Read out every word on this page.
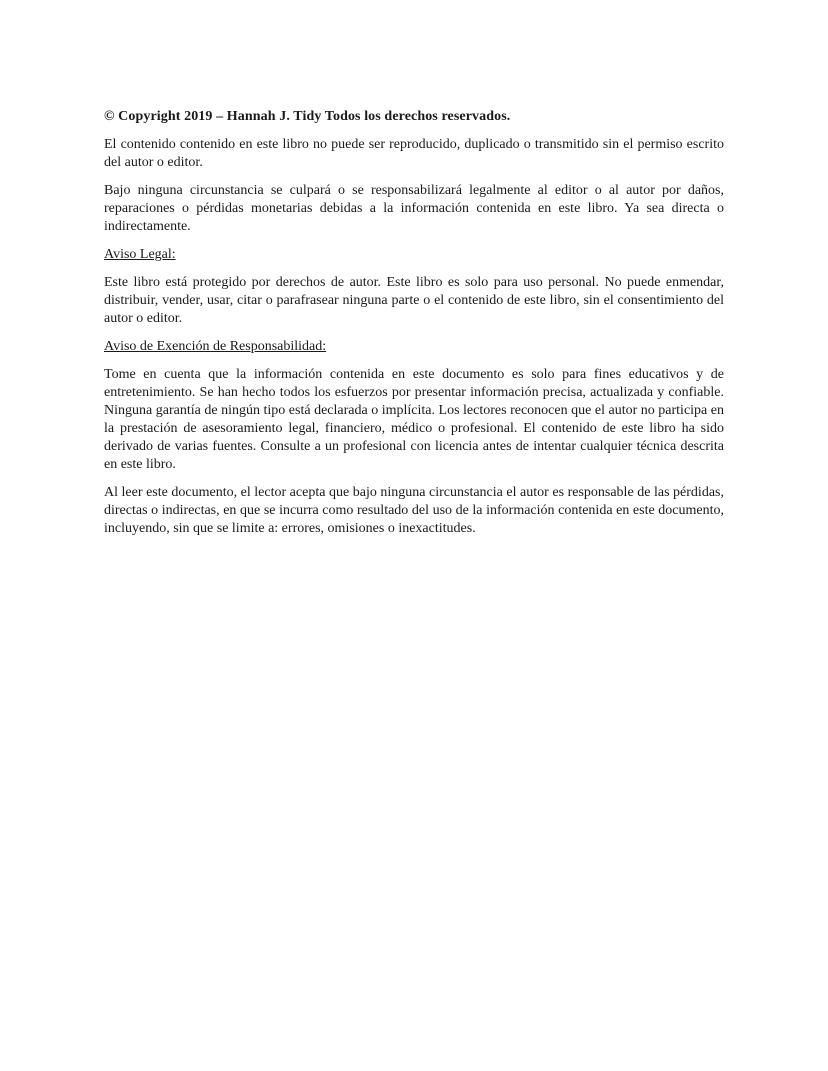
© Copyright 2019 – Hannah J. Tidy Todos los derechos reservados.

El contenido contenido en este libro no puede ser reproducido, duplicado o transmitido sin el permiso escrito del autor o editor.

Bajo ninguna circunstancia se culpará o se responsabilizará legalmente al editor o al autor por daños, reparaciones o pérdidas monetarias debidas a la información contenida en este libro. Ya sea directa o indirectamente.

Aviso Legal:

Este libro está protegido por derechos de autor. Este libro es solo para uso personal. No puede enmendar, distribuir, vender, usar, citar o parafrasear ninguna parte o el contenido de este libro, sin el consentimiento del autor o editor.

Aviso de Exención de Responsabilidad:

Tome en cuenta que la información contenida en este documento es solo para fines educativos y de entretenimiento. Se han hecho todos los esfuerzos por presentar información precisa, actualizada y confiable. Ninguna garantía de ningún tipo está declarada o implícita. Los lectores reconocen que el autor no participa en la prestación de asesoramiento legal, financiero, médico o profesional. El contenido de este libro ha sido derivado de varias fuentes. Consulte a un profesional con licencia antes de intentar cualquier técnica descrita en este libro.

Al leer este documento, el lector acepta que bajo ninguna circunstancia el autor es responsable de las pérdidas, directas o indirectas, en que se incurra como resultado del uso de la información contenida en este documento, incluyendo, sin que se limite a: errores, omisiones o inexactitudes.
